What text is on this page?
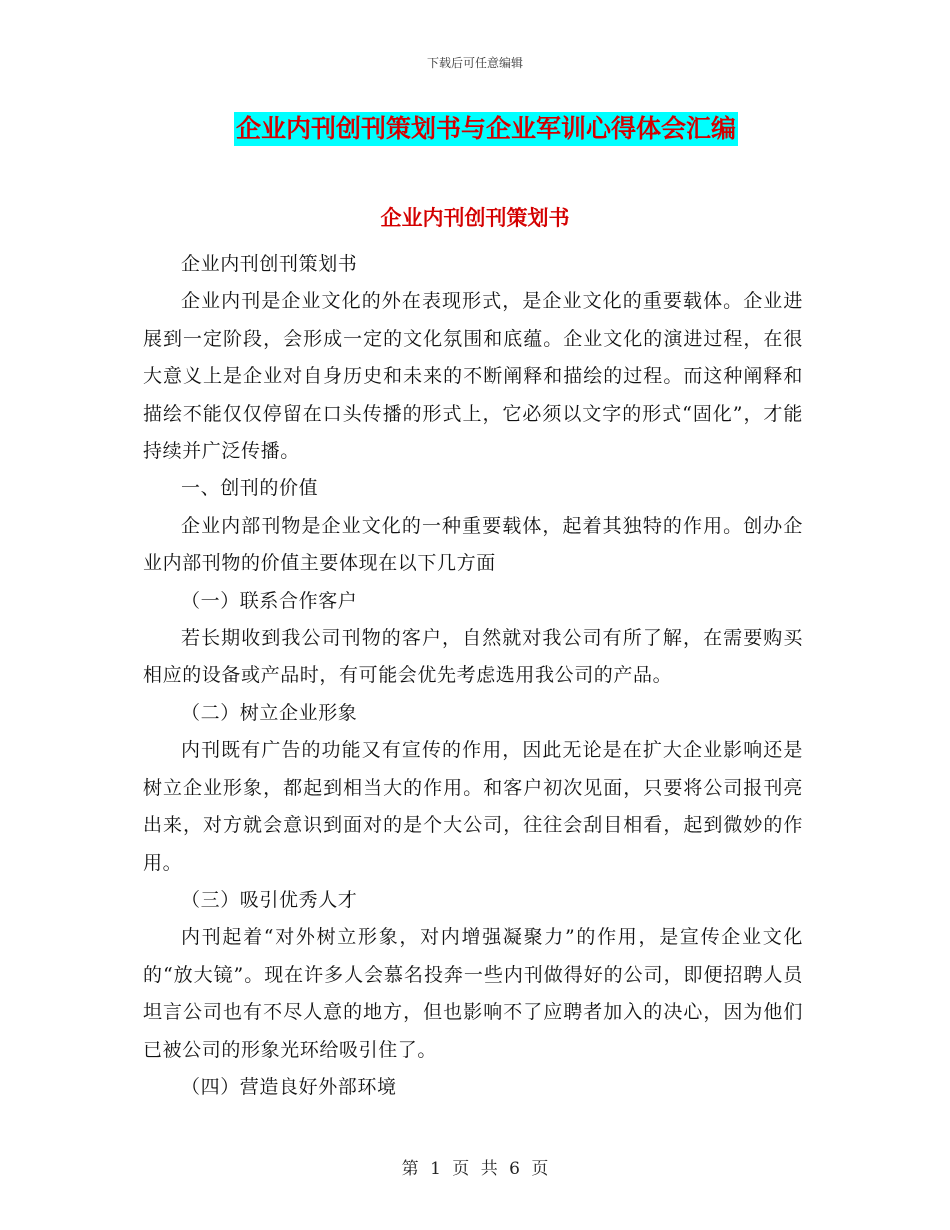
下载后可任意编辑
企业内刊创刊策划书与企业军训心得体会汇编
企业内刊创刊策划书

企业内刊创刊策划书

企业内刊是企业文化的外在表现形式，是企业文化的重要载体。企业进展到一定阶段，会形成一定的文化氛围和底蕴。企业文化的演进过程，在很大意义上是企业对自身历史和未来的不断阐释和描绘的过程。而这种阐释和描绘不能仅仅停留在口头传播的形式上，它必须以文字的形式“固化”，才能持续并广泛传播。

一、创刊的价值

企业内部刊物是企业文化的一种重要载体，起着其独特的作用。创办企业内部刊物的价值主要体现在以下几方面

（一）联系合作客户

若长期收到我公司刊物的客户，自然就对我公司有所了解，在需要购买相应的设备或产品时，有可能会优先考虑选用我公司的产品。

（二）树立企业形象

内刊既有广告的功能又有宣传的作用，因此无论是在扩大企业影响还是树立企业形象，都起到相当大的作用。和客户初次见面，只要将公司报刊亮出来，对方就会意识到面对的是个大公司，往往会刮目相看，起到微妙的作用。

（三）吸引优秀人才

内刊起着“对外树立形象，对内增强凝聚力”的作用，是宣传企业文化的“放大镜”。现在许多人会慕名投奔一些内刊做得好的公司，即便招聘人员坦言公司也有不尽人意的地方，但也影响不了应聘者加入的决心，因为他们已被公司的形象光环给吸引住了。

（四）营造良好外部环境

第 1 页 共 6 页
